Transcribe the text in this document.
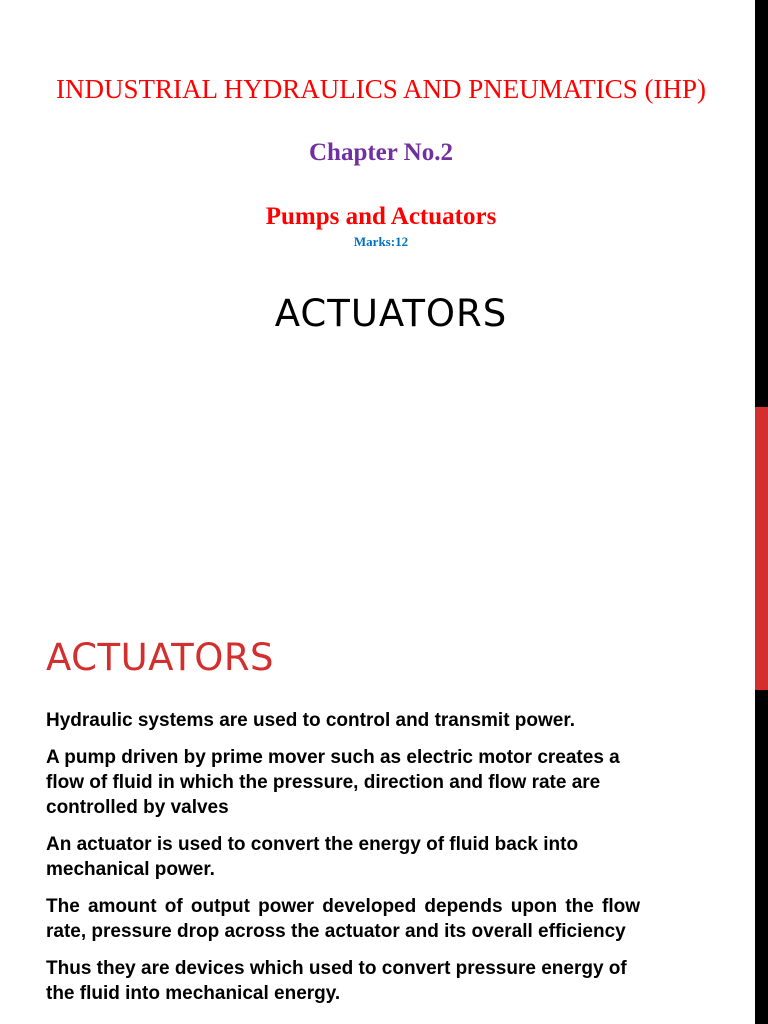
INDUSTRIAL HYDRAULICS AND PNEUMATICS (IHP)
Chapter No.2
Pumps and Actuators
Marks:12
ACTUATORS
ACTUATORS

Hydraulic systems are used to control and transmit power.

A pump driven by prime mover such as electric motor creates a flow of fluid in which the pressure, direction and flow rate are controlled by valves

An actuator is used to convert the energy of fluid back into mechanical power.

The amount of output power developed depends upon the flow rate, pressure drop across the actuator and its overall efficiency

Thus they are devices which used to convert pressure energy of the fluid into mechanical energy.
